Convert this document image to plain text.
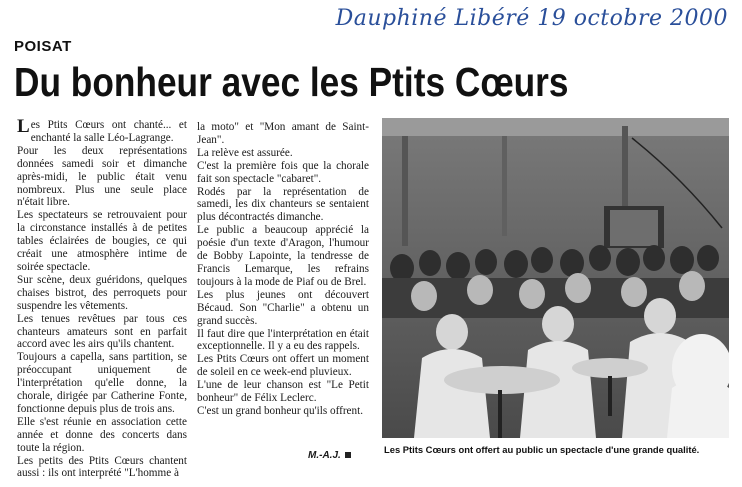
Dauphiné Libéré 19 octobre 2000
POISAT
Du bonheur avec les Ptits Cœurs

Les Ptits Cœurs ont chanté... et enchanté la salle Léo-Lagrange.

Pour les deux représentations données samedi soir et dimanche après-midi, le public était venu nombreux. Plus une seule place n'était libre.

Les spectateurs se retrouvaient pour la circonstance installés à de petites tables éclairées de bougies, ce qui créait une atmosphère intime de soirée spectacle.

Sur scène, deux guéridons, quelques chaises bistrot, des perroquets pour suspendre les vêtements.

Les tenues revêtues par tous ces chanteurs amateurs sont en parfait accord avec les airs qu'ils chantent.

Toujours a capella, sans partition, se préoccupant uniquement de l'interprétation qu'elle donne, la chorale, dirigée par Catherine Fonte, fonctionne depuis plus de trois ans.

Elle s'est réunie en association cette année et donne des concerts dans toute la région.

Les petits des Ptits Cœurs chantent aussi : ils ont interprété "L'homme à

la moto" et "Mon amant de Saint-Jean".

La relève est assurée.

C'est la première fois que la chorale fait son spectacle "cabaret".

Rodés par la représentation de samedi, les dix chanteurs se sentaient plus décontractés dimanche.

Le public a beaucoup apprécié la poésie d'un texte d'Aragon, l'humour de Bobby Lapointe, la tendresse de Francis Lemarque, les refrains toujours à la mode de Piaf ou de Brel.

Les plus jeunes ont découvert Bécaud. Son "Charlie" a obtenu un grand succès.

Il faut dire que l'interprétation en était exceptionnelle. Il y a eu des rappels.

Les Ptits Cœurs ont offert un moment de soleil en ce week-end pluvieux.

L'une de leur chanson est "Le Petit bonheur" de Félix Leclerc.

C'est un grand bonheur qu'ils offrent.

M.-A.J.
Les Ptits Cœurs ont offert au public un spectacle d'une grande qualité.
